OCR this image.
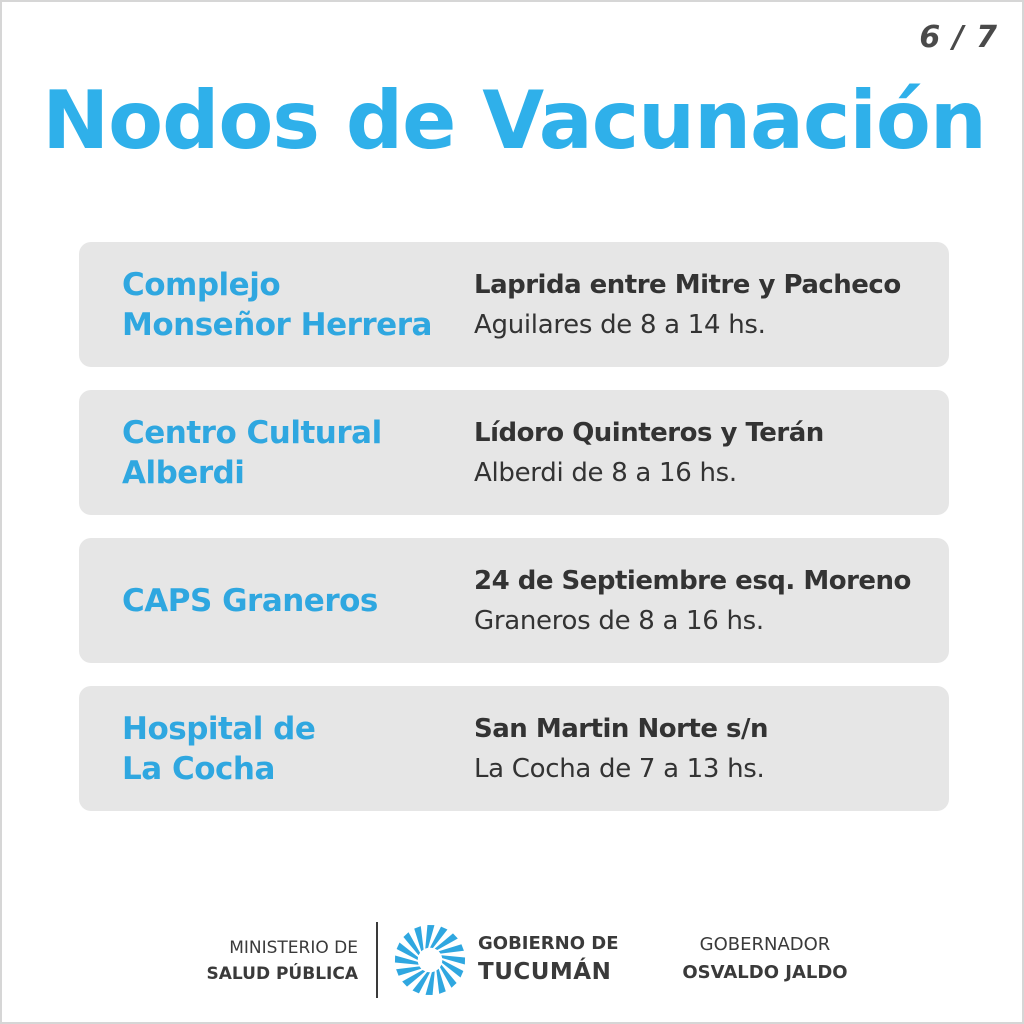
6 / 7
Nodos de Vacunación
Complejo
Monseñor Herrera
Laprida entre Mitre y Pacheco
Aguilares de 8 a 14 hs.
Centro Cultural
Alberdi
Lídoro Quinteros y Terán
Alberdi de 8 a 16 hs.
CAPS Graneros
24 de Septiembre esq. Moreno
Graneros de 8 a 16 hs.
Hospital de
La Cocha
San Martin Norte s/n
La Cocha de 7 a 13 hs.
MINISTERIO DE
SALUD PÚBLICA
GOBIERNO DE
TUCUMÁN
GOBERNADOR
OSVALDO JALDO
